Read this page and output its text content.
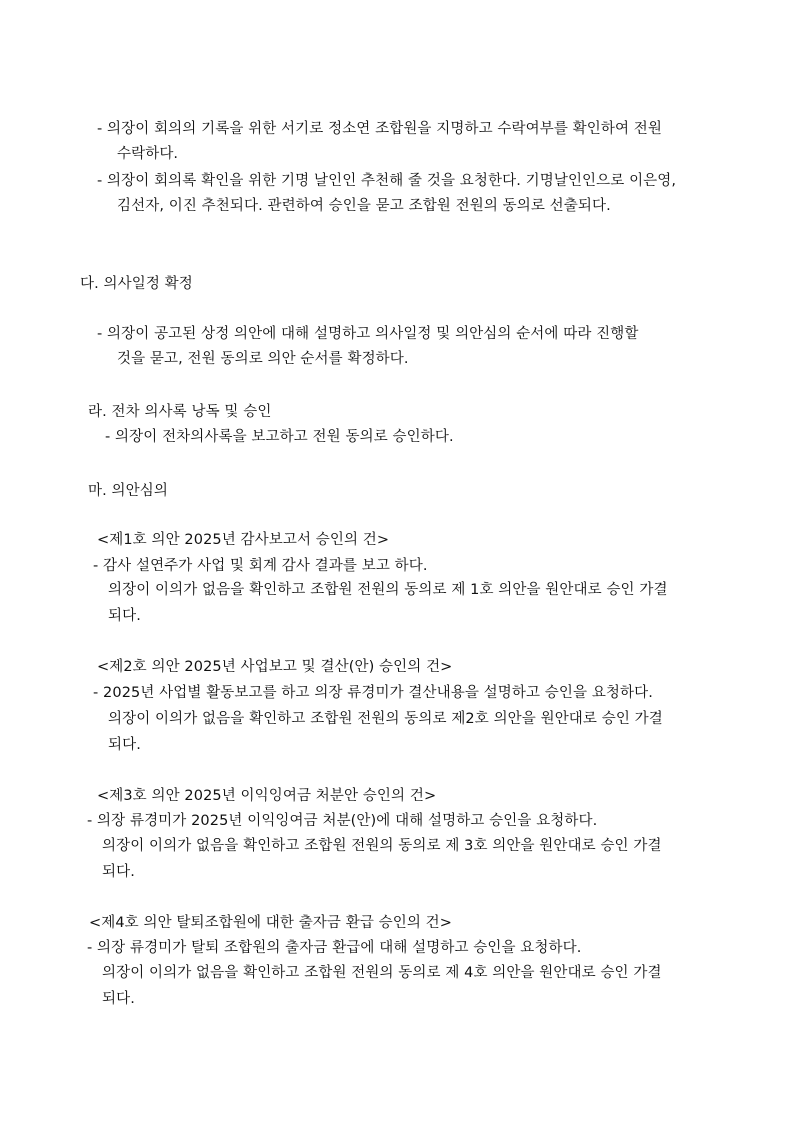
- 의장이 회의의 기록을 위한 서기로 정소연 조합원을 지명하고 수락여부를 확인하여 전원
수락하다.
- 의장이 회의록 확인을 위한 기명 날인인 추천해 줄 것을 요청한다. 기명날인인으로 이은영,
김선자, 이진 추천되다. 관련하여 승인을 묻고 조합원 전원의 동의로 선출되다.
다. 의사일정 확정
- 의장이 공고된 상정 의안에 대해 설명하고 의사일정 및 의안심의 순서에 따라 진행할
것을 묻고, 전원 동의로 의안 순서를 확정하다.
라. 전차 의사록 낭독 및 승인
- 의장이 전차의사록을 보고하고 전원 동의로 승인하다.
마. 의안심의
<제1호 의안 2025년 감사보고서 승인의 건>
- 감사 설연주가 사업 및 회계 감사 결과를 보고 하다.
의장이 이의가 없음을 확인하고 조합원 전원의 동의로 제 1호 의안을 원안대로 승인 가결
되다.
<제2호 의안 2025년 사업보고 및 결산(안) 승인의 건>
- 2025년 사업별 활동보고를 하고 의장 류경미가 결산내용을 설명하고 승인을 요청하다.
의장이 이의가 없음을 확인하고 조합원 전원의 동의로 제2호 의안을 원안대로 승인 가결
되다.
<제3호 의안 2025년 이익잉여금 처분안 승인의 건>
- 의장 류경미가 2025년 이익잉여금 처분(안)에 대해 설명하고 승인을 요청하다.
의장이 이의가 없음을 확인하고 조합원 전원의 동의로 제 3호 의안을 원안대로 승인 가결
되다.
<제4호 의안 탈퇴조합원에 대한 출자금 환급 승인의 건>
- 의장 류경미가 탈퇴 조합원의 출자금 환급에 대해 설명하고 승인을 요청하다.
의장이 이의가 없음을 확인하고 조합원 전원의 동의로 제 4호 의안을 원안대로 승인 가결
되다.
